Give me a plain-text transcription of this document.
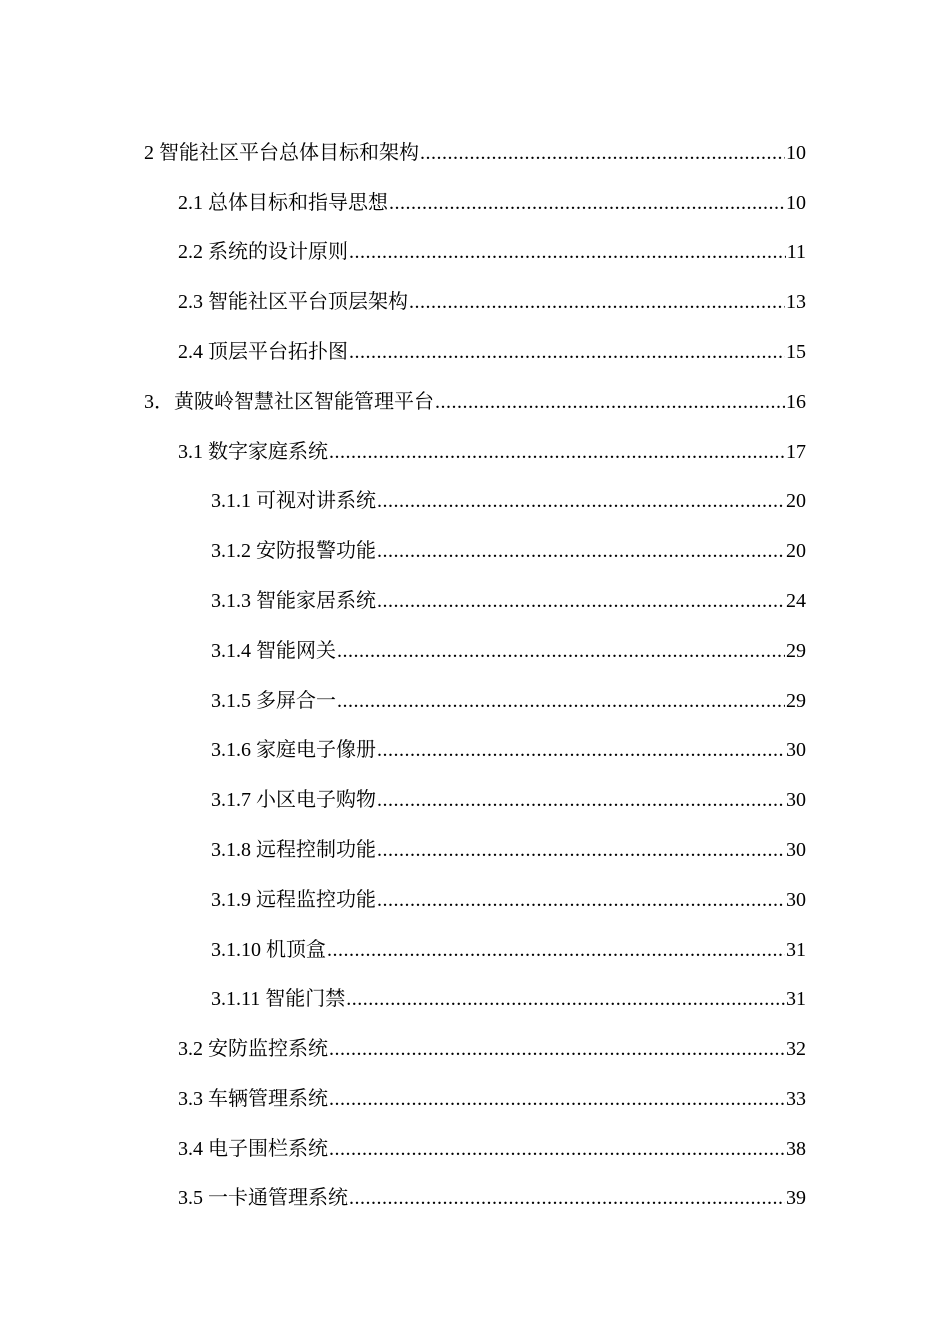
2 智能社区平台总体目标和架构 .....	10
2.1 总体目标和指导思想 .....	10
2.2 系统的设计原则 .....	11
2.3 智能社区平台顶层架构 .....	13
2.4 顶层平台拓扑图 .....	15
3．黄陂岭智慧社区智能管理平台 .....	16
3.1 数字家庭系统 .....	17
3.1.1 可视对讲系统 .....	20
3.1.2 安防报警功能 .....	20
3.1.3 智能家居系统 .....	24
3.1.4 智能网关 .....	29
3.1.5 多屏合一 .....	29
3.1.6 家庭电子像册 .....	30
3.1.7 小区电子购物 .....	30
3.1.8 远程控制功能 .....	30
3.1.9 远程监控功能 .....	30
3.1.10 机顶盒 .....	31
3.1.11 智能门禁 .....	31
3.2 安防监控系统 .....	32
3.3 车辆管理系统 .....	33
3.4 电子围栏系统 .....	38
3.5 一卡通管理系统 .....	39
